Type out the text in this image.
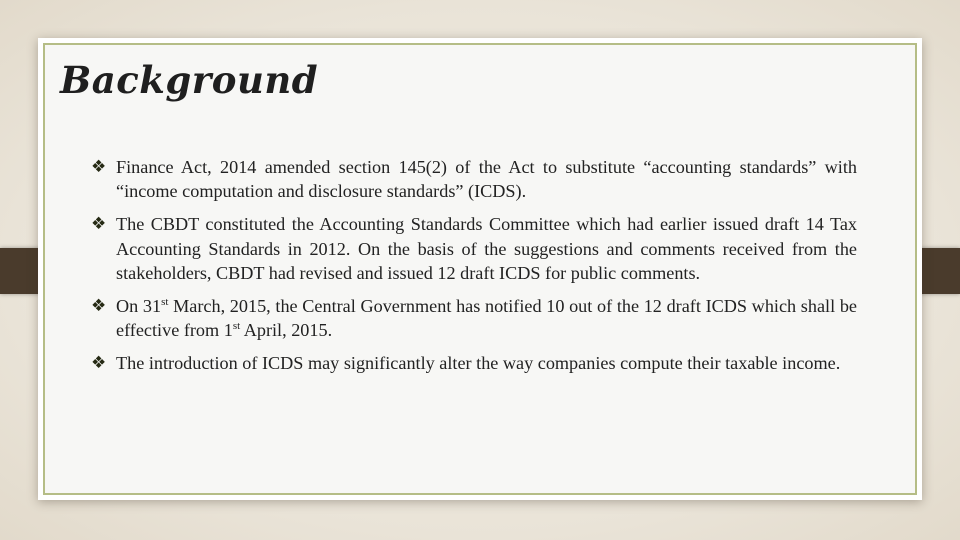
Background
❖ Finance Act, 2014 amended section 145(2) of the Act to substitute “accounting standards” with “income computation and disclosure standards” (ICDS).
❖ The CBDT constituted the Accounting Standards Committee which had earlier issued draft 14 Tax Accounting Standards in 2012. On the basis of the suggestions and comments received from the stakeholders, CBDT had revised and issued 12 draft ICDS for public comments.
❖ On 31st March, 2015, the Central Government has notified 10 out of the 12 draft ICDS which shall be effective from 1st April, 2015.
❖ The introduction of ICDS may significantly alter the way companies compute their taxable income.
